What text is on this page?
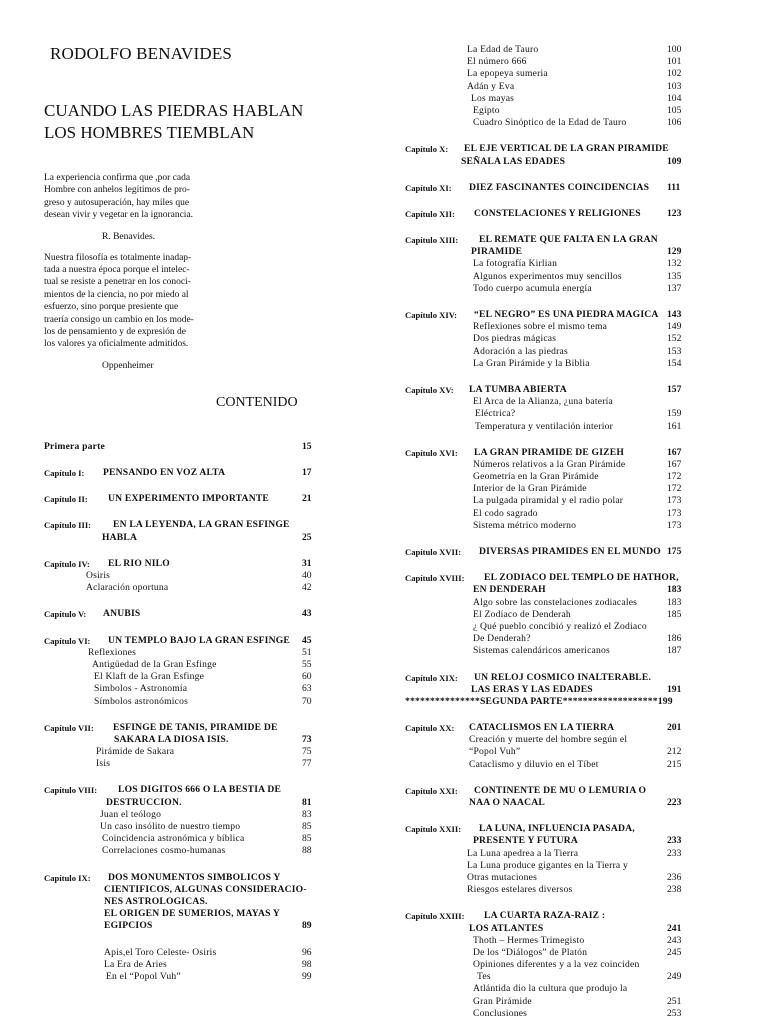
RODOLFO BENAVIDES
CUANDO LAS PIEDRAS HABLAN
LOS HOMBRES TIEMBLAN
La experiencia confirma que ,por cada
Hombre con anhelos legítimos de pro-
greso y autosuperación, hay miles que
desean vivir y vegetar en la ignorancia.
R. Benavides.
Nuestra filosofía es totalmente inadap-
tada a nuestra época porque el intelec-
tual se resiste a penetrar en los conoci-
mientos de la ciencia, no por miedo al
esfuerzo, sino porque presiente que
traería consigo un cambio en los mode-
los de pensamiento y de expresión de
los valores ya oficialmente admitidos.
Oppenheimer
CONTENIDO
Primera parte	15
Capítulo I: PENSANDO EN VOZ ALTA	17
Capítulo II: UN EXPERIMENTO IMPORTANTE	21
Capítulo III: EN LA LEYENDA, LA GRAN ESFINGE
HABLA	25
Capítulo IV: EL RIO NILO	31
Osiris	40
Aclaración oportuna	42
Capítulo V: ANUBIS	43
Capítulo VI: UN TEMPLO BAJO LA GRAN ESFINGE 45
Reflexiones	51
Antigüedad de la Gran Esfinge	55
El Klaft de la Gran Esfinge	60
Simbolos - Astronomía	63
Símbolos astronómicos	70
Capítulo VII: ESFINGE DE TANIS, PIRAMIDE DE
SAKARA LA DIOSA ISIS.	73
Pirámide de Sakara	75
Isis	77
Capítulo VIII: LOS DIGITOS 666 O LA BESTIA DE
DESTRUCCION.	81
Juan el teólogo	83
Un caso insólito de nuestro tiempo	85
Coincidencia astronómica y bíblica	85
Correlaciones cosmo-humanas	88
Capítulo IX: DOS MONUMENTOS SIMBOLICOS Y
CIENTIFICOS, ALGUNAS CONSIDERACIO-
NES ASTROLOGICAS.
EL ORIGEN DE SUMERIOS, MAYAS Y
EGIPCIOS	89
Apis,el Toro Celeste- Osiris	96
La Era de Aries	98
En el “Popol Vuh”	99
La Edad de Tauro	100
El número 666	101
La epopeya sumeria	102
Adán y Eva	103
Los mayas	104
Egipto	105
Cuadro Sinóptico de la Edad de Tauro	106
Capítulo X: EL EJE VERTICAL DE LA GRAN PIRAMIDE
SEÑALA LAS EDADES	109
Capítulo XI: DIEZ FASCINANTES COINCIDENCIAS 111
Capítulo XII: CONSTELACIONES Y RELIGIONES	123
Capítulo XIII: EL REMATE QUE FALTA EN LA GRAN
PIRAMIDE	129
La fotografía Kirlian	132
Algunos experimentos muy sencillos	135
Todo cuerpo acumula energía	137
Capítulo XIV: “EL NEGRO” ES UNA PIEDRA MAGICA 143
Reflexiones sobre el mismo tema	149
Dos piedras mágicas	152
Adoración a las piedras	153
La Gran Pirámide y la Biblia	154
Capítulo XV: LA TUMBA ABIERTA	157
El Arca de la Alianza, ¿una batería
Eléctrica?	159
Temperatura y ventilación interior	161
Capítulo XVI: LA GRAN PIRAMIDE DE GIZEH	167
Números relativos a la Gran Pirámide	167
Geometría en la Gran Pirámide	172
Interior de la Gran Pirámide	172
La pulgada piramidal y el radio polar	173
El codo sagrado	173
Sistema métrico moderno	173
Capítulo XVII: DIVERSAS PIRAMIDES EN EL MUNDO 175
Capítulo XVIII: EL ZODIACO DEL TEMPLO DE HATHOR,
EN DENDERAH	183
Algo sobre las constelaciones zodiacales	183
El Zodíaco de Denderah	185
¿ Qué pueblo concibió y realizó el Zodiaco
De Denderah?	186
Sistemas calendáricos americanos	187
Capítulo XIX: UN RELOJ COSMICO INALTERABLE.
LAS ERAS Y LAS EDADES	191
***************SEGUNDA PARTE*******************199
Capítulo XX: CATACLISMOS EN LA TIERRA	201
Creación y muerte del hombre según el
“Popol Vuh”	212
Cataclismo y diluvio en el Tíbet	215
Capítulo XXI: CONTINENTE DE MU O LEMURIA O
NAA O NAACAL	223
Capítulo XXII: LA LUNA, INFLUENCIA PASADA,
PRESENTE Y FUTURA	233
La Luna apedrea a la Tierra	233
La Luna produce gigantes en la Tierra y
Otras mutaciones	236
Riesgos estelares diversos	238
Capítulo XXIII: LA CUARTA RAZA-RAIZ :
LOS ATLANTES	241
Thoth – Hermes Trimegisto	243
De los “Diálogos” de Platón	245
Opiniones diferentes y a la vez coinciden
Tes	249
Atlántida dio la cultura que produjo la
Gran Pirámide	251
Conclusiones	253
